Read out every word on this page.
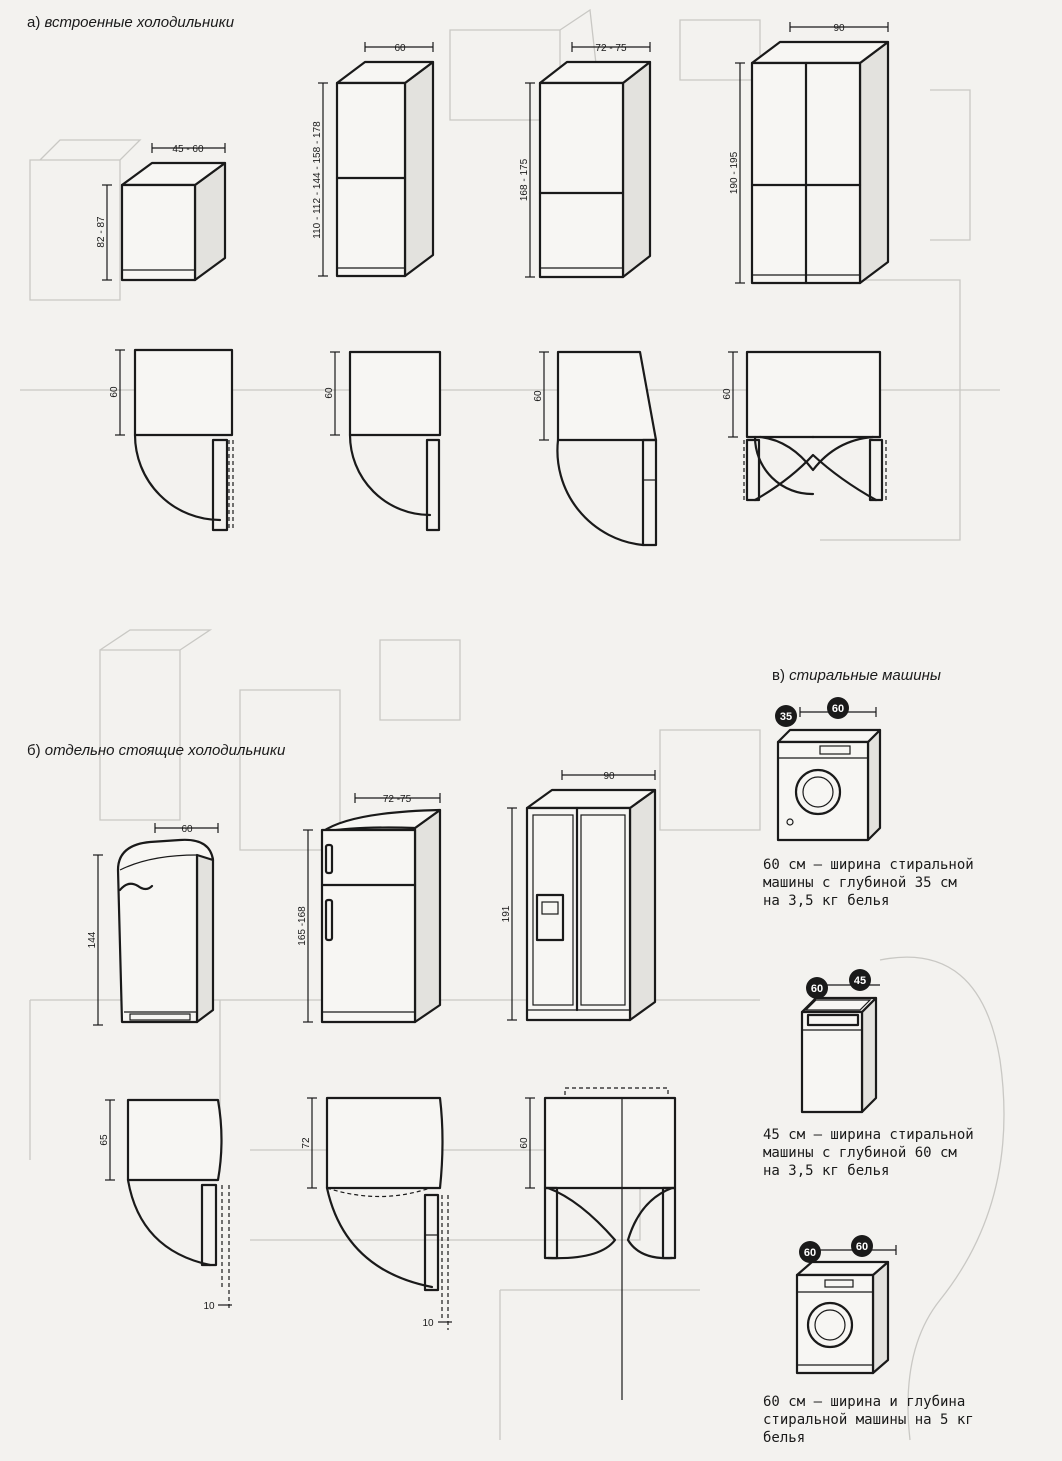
45 - 60
82 - 87
60
110 - 112 - 144 - 158 - 178
72 - 75
168 - 175
90
190 - 195
60	60	60	60
60
144
72 -75
165 -168
90
191
65
10
72
10
60
35
60
60
45
60	60
а) встроенные холодильники
б) отдельно стоящие холодильники
в) стиральные машины
60 см — ширина стиральной
машины с глубиной 35 см
на 3,5 кг белья
45 см — ширина стиральной
машины с глубиной 60 см
на 3,5 кг белья
60 см — ширина и глубина
стиральной машины на 5 кг
белья
